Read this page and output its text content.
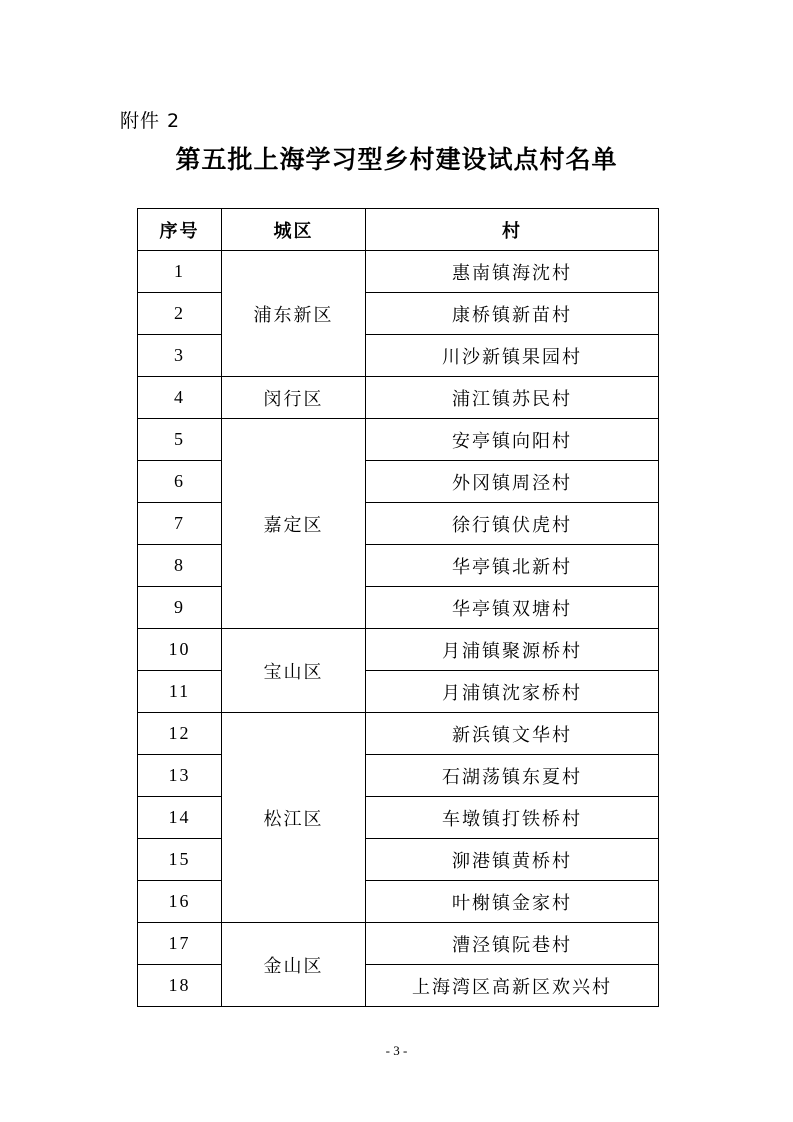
附件 2
第五批上海学习型乡村建设试点村名单
序号	城区	村
1	浦东新区	惠南镇海沈村
2		康桥镇新苗村
3		川沙新镇果园村
4	闵行区	浦江镇苏民村
5	嘉定区	安亭镇向阳村
6		外冈镇周泾村
7		徐行镇伏虎村
8		华亭镇北新村
9		华亭镇双塘村
10	宝山区	月浦镇聚源桥村
11		月浦镇沈家桥村
12	松江区	新浜镇文华村
13		石湖荡镇东夏村
14		车墩镇打铁桥村
15		泖港镇黄桥村
16		叶榭镇金家村
17	金山区	漕泾镇阮巷村
18		上海湾区高新区欢兴村
- 3 -
